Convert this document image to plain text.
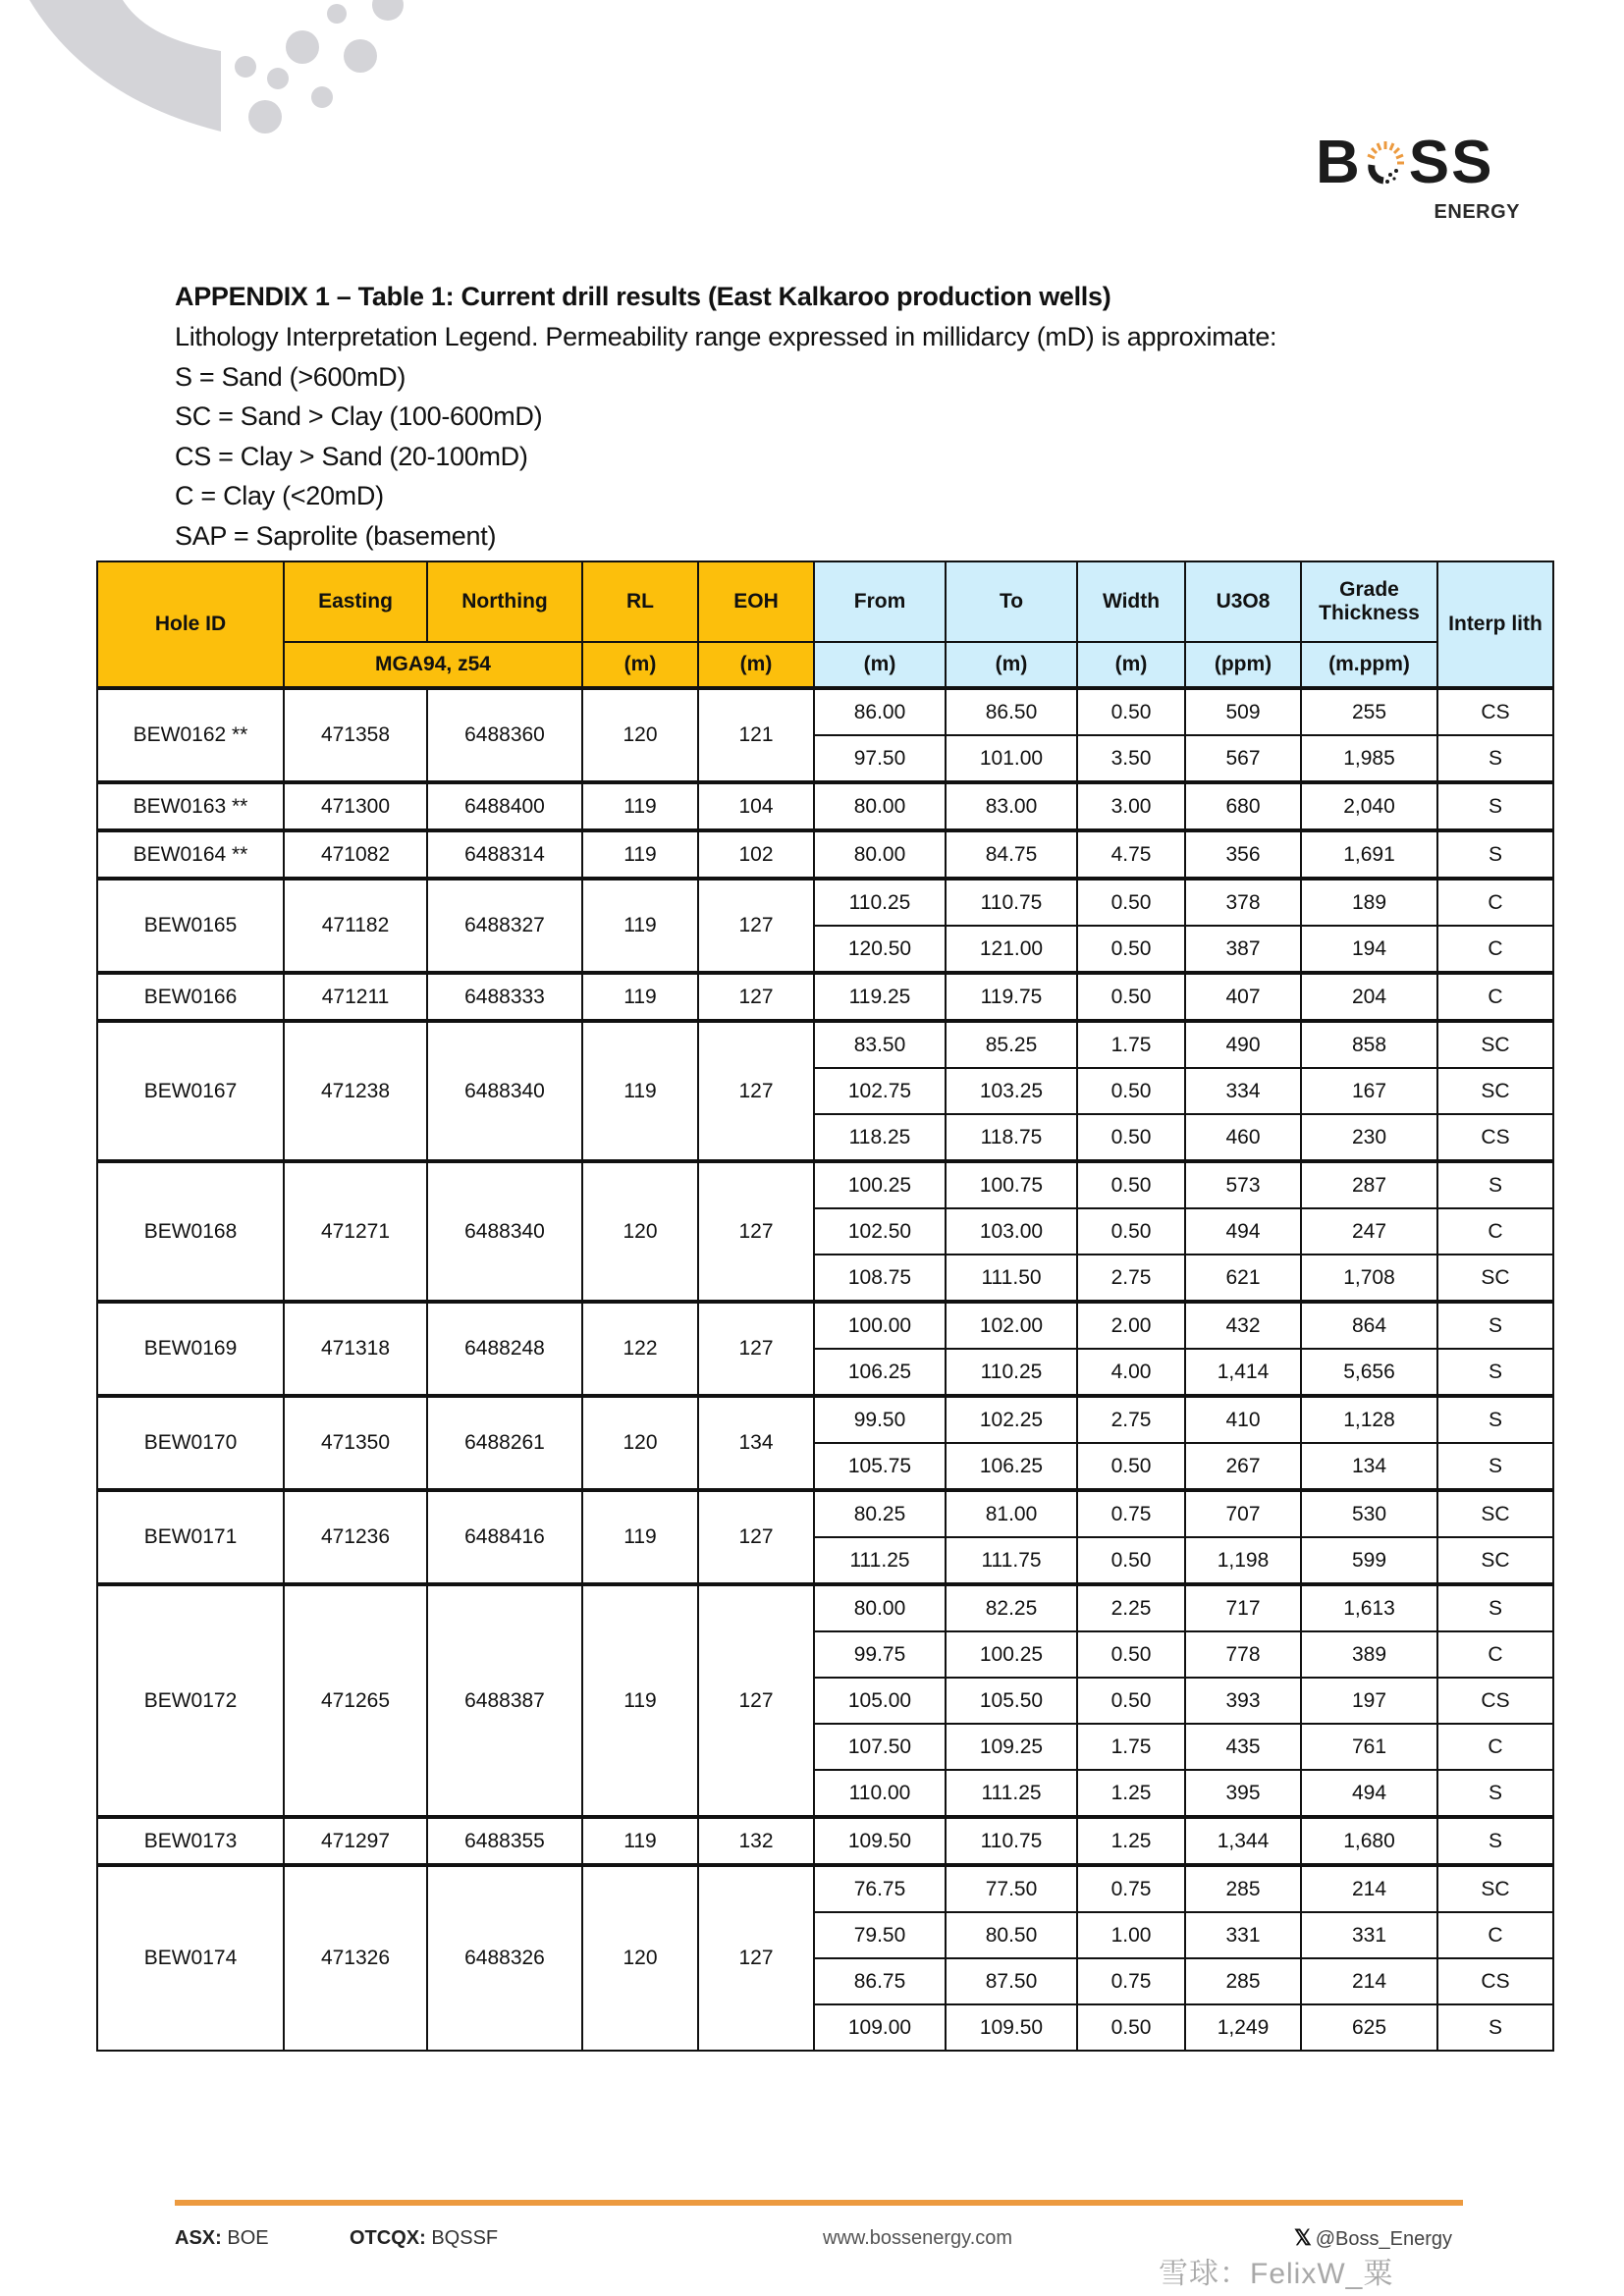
B SS
ENERGY
APPENDIX 1 – Table 1: Current drill results (East Kalkaroo production wells)
Lithology Interpretation Legend. Permeability range expressed in millidarcy (mD) is approximate:
S = Sand (>600mD)
SC = Sand > Clay (100-600mD)
CS = Clay > Sand (20-100mD)
C = Clay (<20mD)
SAP = Saprolite (basement)
Hole ID	Easting	Northing	RL	EOH	From	To	Width	U3O8	Grade Thickness	Interp lith
	MGA94, z54		(m)	(m)	(m)	(m)	(m)	(ppm)	(m.ppm)	
BEW0162 **	471358	6488360	120	121	86.00	86.50	0.50	509	255	CS
					97.50	101.00	3.50	567	1,985	S
BEW0163 **	471300	6488400	119	104	80.00	83.00	3.00	680	2,040	S
BEW0164 **	471082	6488314	119	102	80.00	84.75	4.75	356	1,691	S
BEW0165	471182	6488327	119	127	110.25	110.75	0.50	378	189	C
					120.50	121.00	0.50	387	194	C
BEW0166	471211	6488333	119	127	119.25	119.75	0.50	407	204	C
BEW0167	471238	6488340	119	127	83.50	85.25	1.75	490	858	SC
					102.75	103.25	0.50	334	167	SC
					118.25	118.75	0.50	460	230	CS
BEW0168	471271	6488340	120	127	100.25	100.75	0.50	573	287	S
					102.50	103.00	0.50	494	247	C
					108.75	111.50	2.75	621	1,708	SC
BEW0169	471318	6488248	122	127	100.00	102.00	2.00	432	864	S
					106.25	110.25	4.00	1,414	5,656	S
BEW0170	471350	6488261	120	134	99.50	102.25	2.75	410	1,128	S
					105.75	106.25	0.50	267	134	S
BEW0171	471236	6488416	119	127	80.25	81.00	0.75	707	530	SC
					111.25	111.75	0.50	1,198	599	SC
BEW0172	471265	6488387	119	127	80.00	82.25	2.25	717	1,613	S
					99.75	100.25	0.50	778	389	C
					105.00	105.50	0.50	393	197	CS
					107.50	109.25	1.75	435	761	C
					110.00	111.25	1.25	395	494	S
BEW0173	471297	6488355	119	132	109.50	110.75	1.25	1,344	1,680	S
BEW0174	471326	6488326	120	127	76.75	77.50	0.75	285	214	SC
					79.50	80.50	1.00	331	331	C
					86.75	87.50	0.75	285	214	CS
					109.00	109.50	0.50	1,249	625	S
ASX: BOE	OTCQX: BQSSF	www.bossenergy.com	𝕏 @Boss_Energy
雪球：FelixW_粟
